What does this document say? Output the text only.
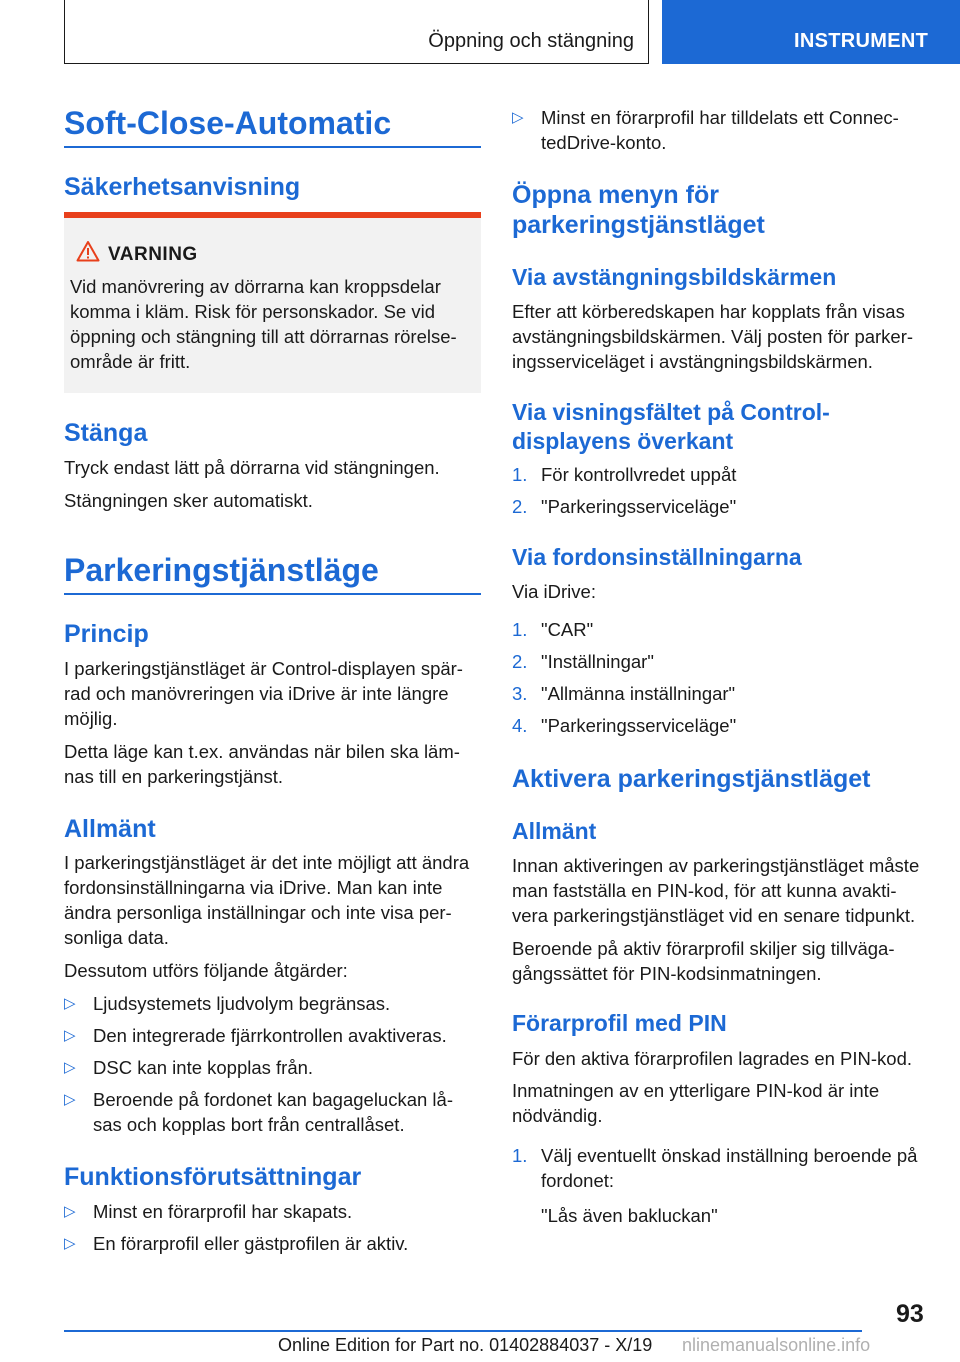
Öppning och stängning	INSTRUMENT
Soft-Close-Automatic
Säkerhetsanvisning
VARNING
Vid manövrering av dörrarna kan kroppsdelar
komma i kläm. Risk för personskador. Se vid
öppning och stängning till att dörrarnas rörelse-
område är fritt.
Stänga
Tryck endast lätt på dörrarna vid stängningen.
Stängningen sker automatiskt.
Parkeringstjänstläge
Princip
I parkeringstjänstläget är Control-displayen spär-
rad och manövreringen via iDrive är inte längre
möjlig.
Detta läge kan t.ex. användas när bilen ska läm-
nas till en parkeringstjänst.
Allmänt
I parkeringstjänstläget är det inte möjligt att ändra
fordonsinställningarna via iDrive. Man kan inte
ändra personliga inställningar och inte visa per-
sonliga data.
Dessutom utförs följande åtgärder:
▷ Ljudsystemets ljudvolym begränsas.
▷ Den integrerade fjärrkontrollen avaktiveras.
▷ DSC kan inte kopplas från.
▷ Beroende på fordonet kan bagageluckan lå-
sas och kopplas bort från centrallåset.
Funktionsförutsättningar
▷ Minst en förarprofil har skapats.
▷ En förarprofil eller gästprofilen är aktiv.
▷ Minst en förarprofil har tilldelats ett Connec-
tedDrive-konto.
Öppna menyn för
parkeringstjänstläget
Via avstängningsbildskärmen
Efter att körberedskapen har kopplats från visas
avstängningsbildskärmen. Välj posten för parker-
ingsserviceläget i avstängningsbildskärmen.
Via visningsfältet på Control-
displayens överkant
1. För kontrollvredet uppåt
2. "Parkeringsserviceläge"
Via fordonsinställningarna
Via iDrive:
1. "CAR"
2. "Inställningar"
3. "Allmänna inställningar"
4. "Parkeringsserviceläge"
Aktivera parkeringstjänstläget
Allmänt
Innan aktiveringen av parkeringstjänstläget måste
man fastställa en PIN-kod, för att kunna avakti-
vera parkeringstjänstläget vid en senare tidpunkt.
Beroende på aktiv förarprofil skiljer sig tillväga-
gångssättet för PIN-kodsinmatningen.
Förarprofil med PIN
För den aktiva förarprofilen lagrades en PIN-kod.
Inmatningen av en ytterligare PIN-kod är inte
nödvändig.
1. Välj eventuellt önskad inställning beroende på
fordonet:
"Lås även bakluckan"
93
Online Edition for Part no. 01402884037 - X/19 nlinemanualsonline.info
